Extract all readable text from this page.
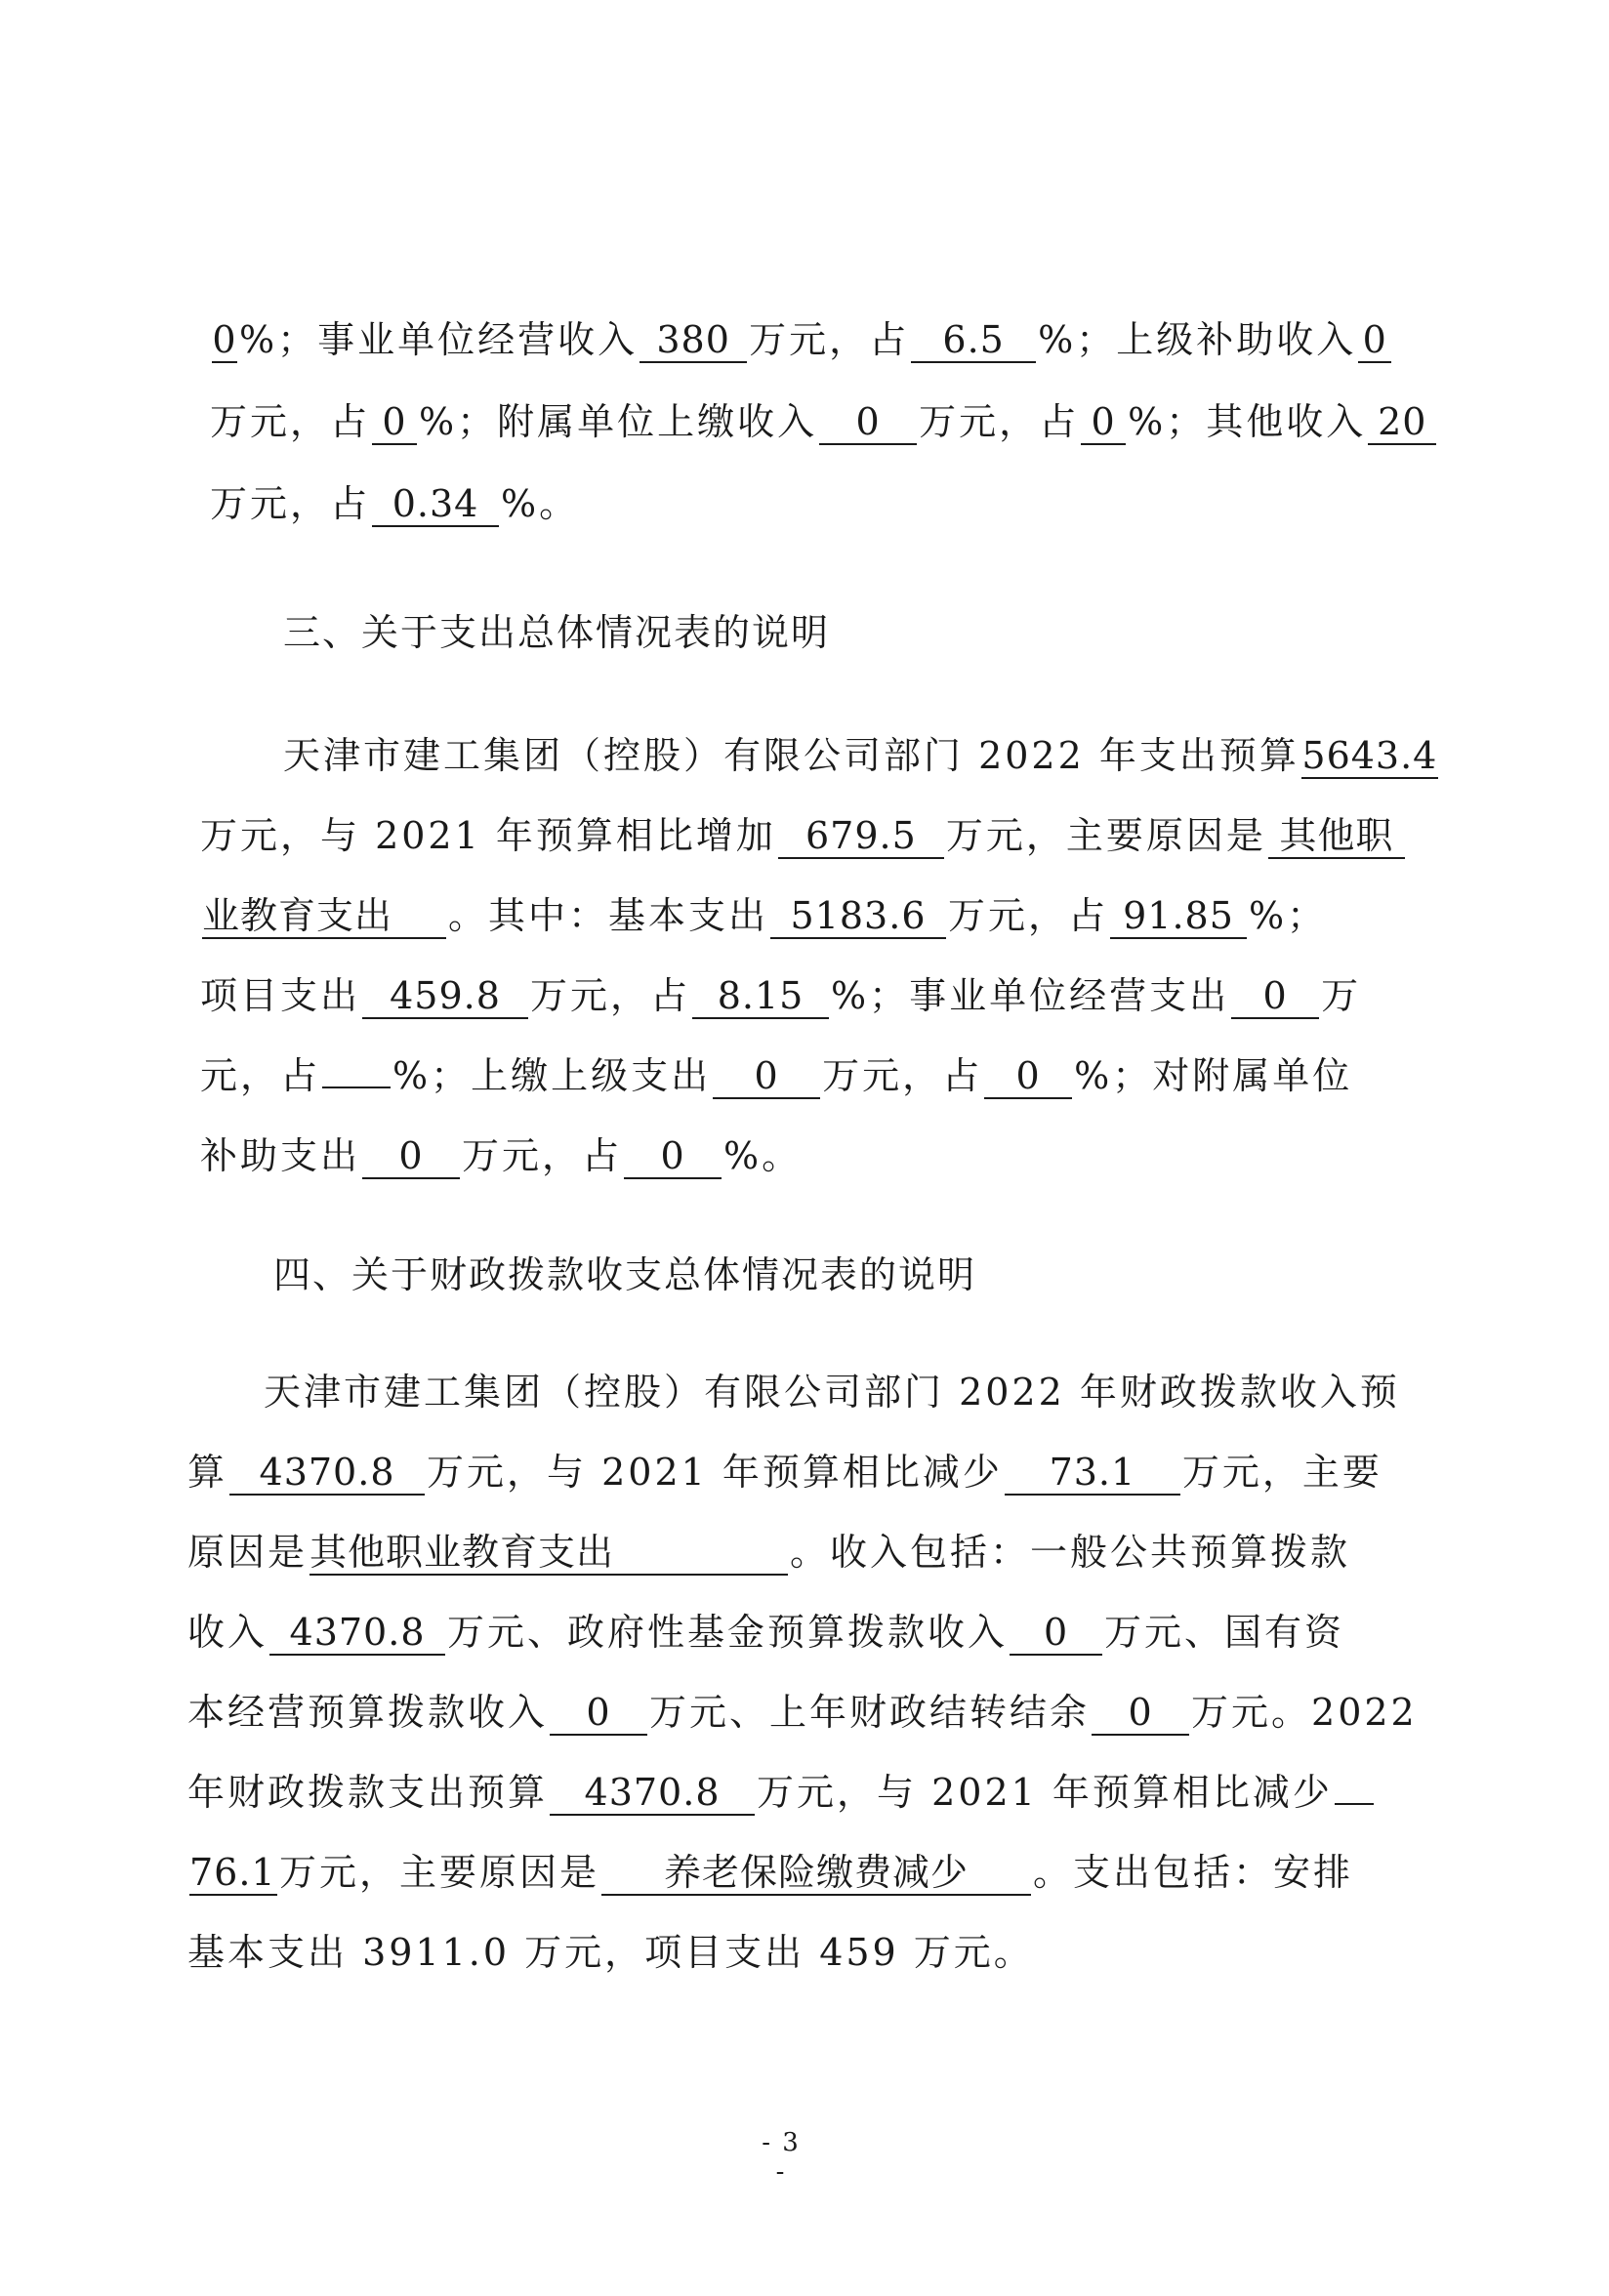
0%；事业单位经营收入 380 万元，占 6.5 %；上级补助收入 0
万元，占 0 %；附属单位上缴收入 0 万元，占 0 %；其他收入 20
万元，占 0.34 %。
三、关于支出总体情况表的说明
天津市建工集团（控股）有限公司部门 2022 年支出预算5643.4
万元，与 2021 年预算相比增加 679.5 万元，主要原因是 其他职
业教育支出 。其中：基本支出 5183.6 万元，占 91.85 %；
项目支出 459.8 万元，占 8.15 %；事业单位经营支出 0 万
元，占 %；上缴上级支出 0 万元，占 0 %；对附属单位
补助支出 0 万元，占 0 %。
四、关于财政拨款收支总体情况表的说明
天津市建工集团（控股）有限公司部门 2022 年财政拨款收入预
算 4370.8 万元，与 2021 年预算相比减少 73.1 万元，主要
原因是其他职业教育支出	。收入包括：一般公共预算拨款
收入 4370.8 万元、政府性基金预算拨款收入 0 万元、国有资
本经营预算拨款收入 0 万元、上年财政结转结余 0 万元。2022
年财政拨款支出预算 4370.8 万元，与 2021 年预算相比减少
76.1万元，主要原因是 养老保险缴费减少 。支出包括：安排
基本支出 3911.0 万元，项目支出 459 万元。
- 3 -
